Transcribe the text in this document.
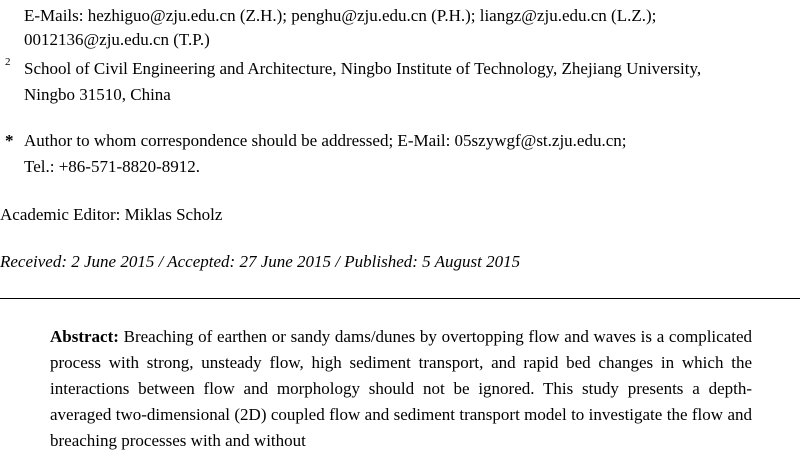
E-Mails: hezhiguo@zju.edu.cn (Z.H.); penghu@zju.edu.cn (P.H.); liangz@zju.edu.cn (L.Z.);
0012136@zju.edu.cn (T.P.)
2 School of Civil Engineering and Architecture, Ningbo Institute of Technology, Zhejiang University,
Ningbo 31510, China
* Author to whom correspondence should be addressed; E-Mail: 05szywgf@st.zju.edu.cn;
Tel.: +86-571-8820-8912.
Academic Editor: Miklas Scholz
Received: 2 June 2015 / Accepted: 27 June 2015 / Published: 5 August 2015
Abstract: Breaching of earthen or sandy dams/dunes by overtopping flow and waves is a complicated process with strong, unsteady flow, high sediment transport, and rapid bed changes in which the interactions between flow and morphology should not be ignored. This study presents a depth-averaged two-dimensional (2D) coupled flow and sediment transport model to investigate the flow and breaching processes with and without
